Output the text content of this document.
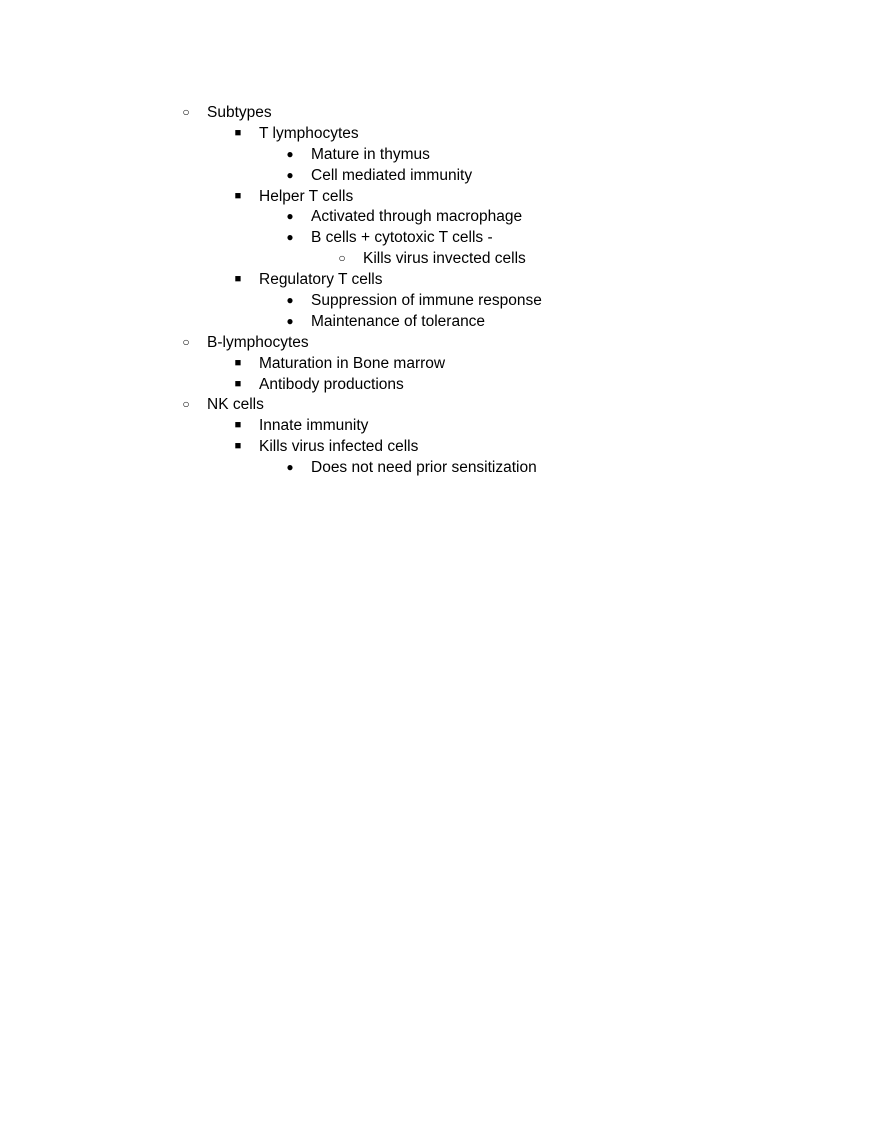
○	Subtypes
■	T lymphocytes
●	Mature in thymus
●	Cell mediated immunity
■	Helper T cells
●	Activated through macrophage
●	B cells + cytotoxic T cells -
○	Kills virus invected cells
■	Regulatory T cells
●	Suppression of immune response
●	Maintenance of tolerance
○	B-lymphocytes
■	Maturation in Bone marrow
■	Antibody productions
○	NK cells
■	Innate immunity
■	Kills virus infected cells
●	Does not need prior sensitization
